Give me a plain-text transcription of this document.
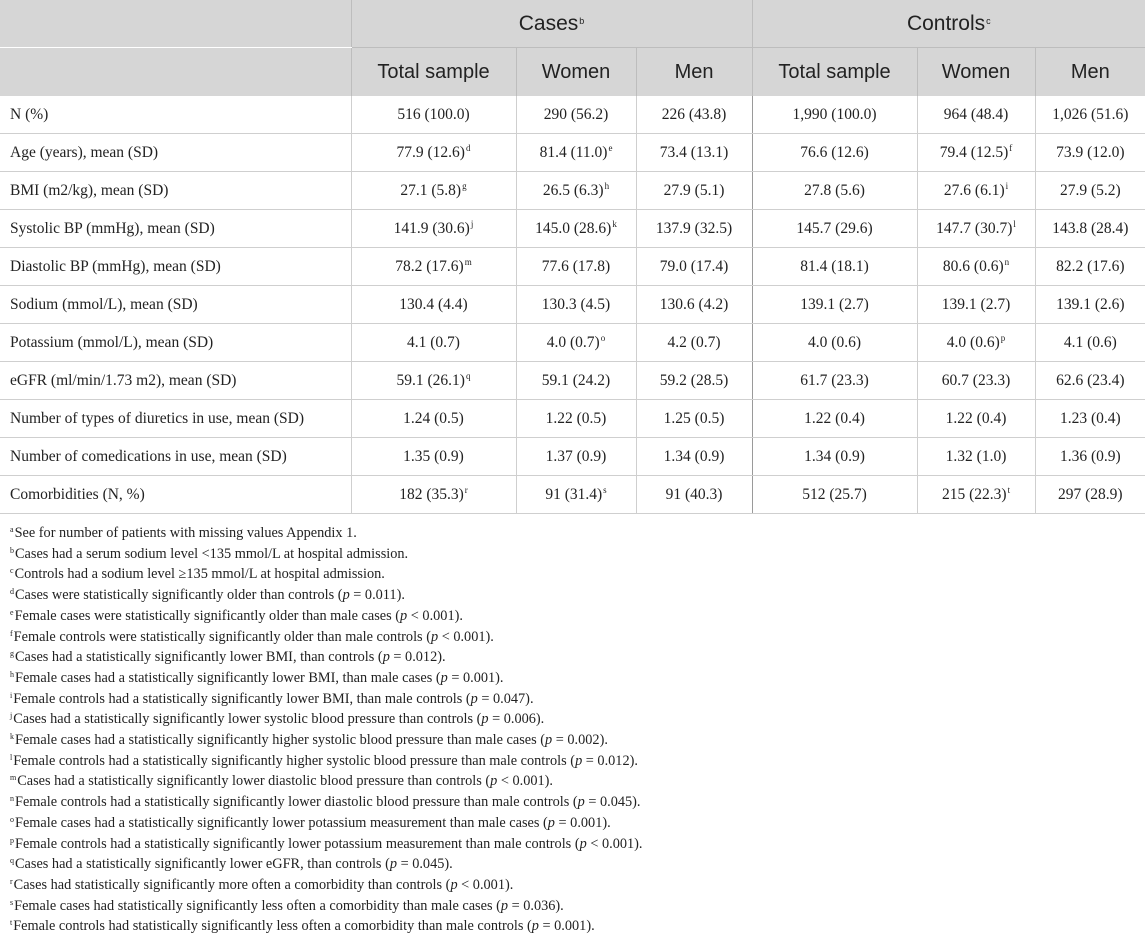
	Cases$^b$			Controls$^c$
	Total sample	Women	Men	Total sample	Women	Men
N (%)	516 (100.0)	290 (56.2)	226 (43.8)	1,990 (100.0)	964 (48.4)	1,026 (51.6)
Age (years), mean (SD)	77.9 $(12.6)^d$	81.4 $(11.0)^e$	73.4 (13.1)	76.6 (12.6)	79.4 $(12.5)^f$	73.9 (12.0)
BMI (m2/kg), mean (SD)	27.1 $(5.8)^g$	26.5 $(6.3)^h$	27.9 (5.1)	27.8 (5.6)	27.6 $(6.1)^i$	27.9 (5.2)
Systolic BP (mmHg), mean (SD)	141.9 $(30.6)^j$	145.0 $(28.6)^k$	137.9 (32.5)	145.7 (29.6)	147.7 $(30.7)^l$	143.8 (28.4)
Diastolic BP (mmHg), mean (SD)	78.2 $(17.6)^m$	77.6 (17.8)	79.0 (17.4)	81.4 (18.1)	80.6 $(0.6)^n$	82.2 (17.6)
Sodium (mmol/L), mean (SD)	130.4 (4.4)	130.3 (4.5)	130.6 (4.2)	139.1 (2.7)	139.1 (2.7)	139.1 (2.6)
Potassium (mmol/L), mean (SD)	4.1 (0.7)	4.0 $(0.7)^o$	4.2 (0.7)	4.0 (0.6)	4.0 $(0.6)^p$	4.1 (0.6)
eGFR (ml/min/1.73 m2), mean (SD)	59.1 $(26.1)^q$	59.1 (24.2)	59.2 (28.5)	61.7 (23.3)	60.7 (23.3)	62.6 (23.4)
Number of types of diuretics in use, mean (SD)	1.24 (0.5)	1.22 (0.5)	1.25 (0.5)	1.22 (0.4)	1.22 (0.4)	1.23 (0.4)
Number of comedications in use, mean (SD)	1.35 (0.9)	1.37 (0.9)	1.34 (0.9)	1.34 (0.9)	1.32 (1.0)	1.36 (0.9)
Comorbidities (N, %)	182 $(35.3)^r$	91 $(31.4)^s$	91 (40.3)	512 (25.7)	215 $(22.3)^t$	297 (28.9)
$^a$See for number of patients with missing values Appendix 1.
$^b$Cases had a serum sodium level <135 mmol/L at hospital admission.
$^c$Controls had a sodium level ≥135 mmol/L at hospital admission.
$^d$Cases were statistically significantly older than controls (p = 0.011).
$^e$Female cases were statistically significantly older than male cases (p < 0.001).
$^f$Female controls were statistically significantly older than male controls (p < 0.001).
$^g$Cases had a statistically significantly lower BMI, than controls (p = 0.012).
$^h$Female cases had a statistically significantly lower BMI, than male cases (p = 0.001).
$^i$Female controls had a statistically significantly lower BMI, than male controls (p = 0.047).
$^j$Cases had a statistically significantly lower systolic blood pressure than controls (p = 0.006).
$^k$Female cases had a statistically significantly higher systolic blood pressure than male cases (p = 0.002).
$^l$Female controls had a statistically significantly higher systolic blood pressure than male controls (p = 0.012).
$^m$Cases had a statistically significantly lower diastolic blood pressure than controls (p < 0.001).
$^n$Female controls had a statistically significantly lower diastolic blood pressure than male controls (p = 0.045).
$^o$Female cases had a statistically significantly lower potassium measurement than male cases (p = 0.001).
$^p$Female controls had a statistically significantly lower potassium measurement than male controls (p < 0.001).
$^q$Cases had a statistically significantly lower eGFR, than controls (p = 0.045).
$^r$Cases had statistically significantly more often a comorbidity than controls (p < 0.001).
$^s$Female cases had statistically significantly less often a comorbidity than male cases (p = 0.036).
$^t$Female controls had statistically significantly less often a comorbidity than male controls (p = 0.001).
